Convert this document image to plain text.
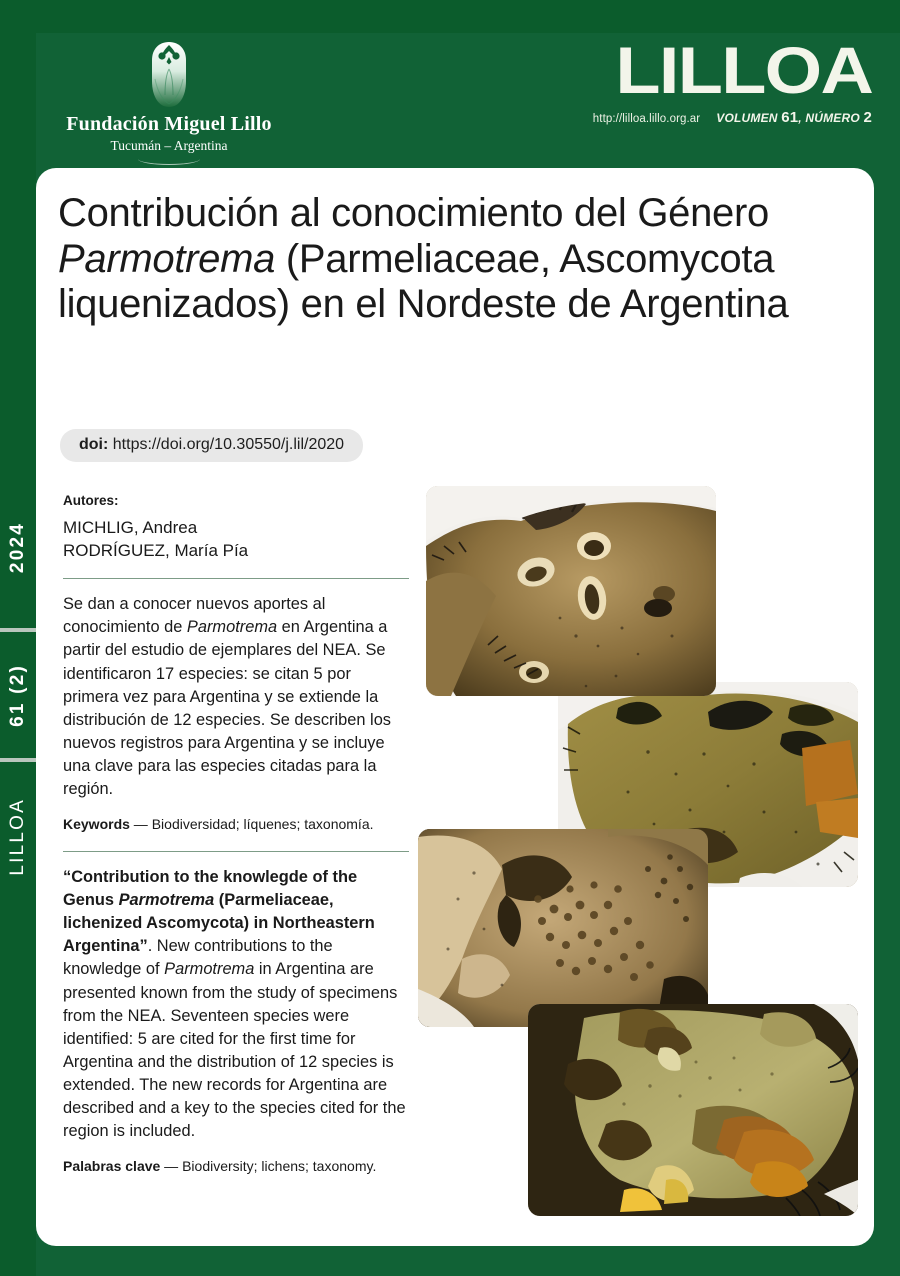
2024
61 (2)
LILLOA
Fundación Miguel Lillo
Tucumán – Argentina
LILLOA
http://lilloa.lillo.org.ar VOLUMEN 61, NÚMERO 2
Contribución al conocimiento del Género Parmotrema (Parmeliaceae, Ascomycota liquenizados) en el Nordeste de Argentina
doi: https://doi.org/10.30550/j.lil/2020
Autores:
MICHLIG, Andrea
RODRÍGUEZ, María Pía

Se dan a conocer nuevos aportes al conocimiento de Parmotrema en Argentina a partir del estudio de ejemplares del NEA. Se identificaron 17 especies: se citan 5 por primera vez para Argentina y se extiende la distribución de 12 especies. Se describen los nuevos registros para Argentina y se incluye una clave para las especies citadas para la región.

Keywords — Biodiversidad; líquenes; taxonomía.

“Contribution to the knowlegde of the Genus Parmotrema (Parmeliaceae, lichenized Ascomycota) in Northeastern Argentina”. New contributions to the knowledge of Parmotrema in Argentina are presented known from the study of specimens from the NEA. Seventeen species were identified: 5 are cited for the first time for Argentina and the distribution of 12 species is extended. The new records for Argentina are described and a key to the species cited for the region is included.

Palabras clave — Biodiversity; lichens; taxonomy.
